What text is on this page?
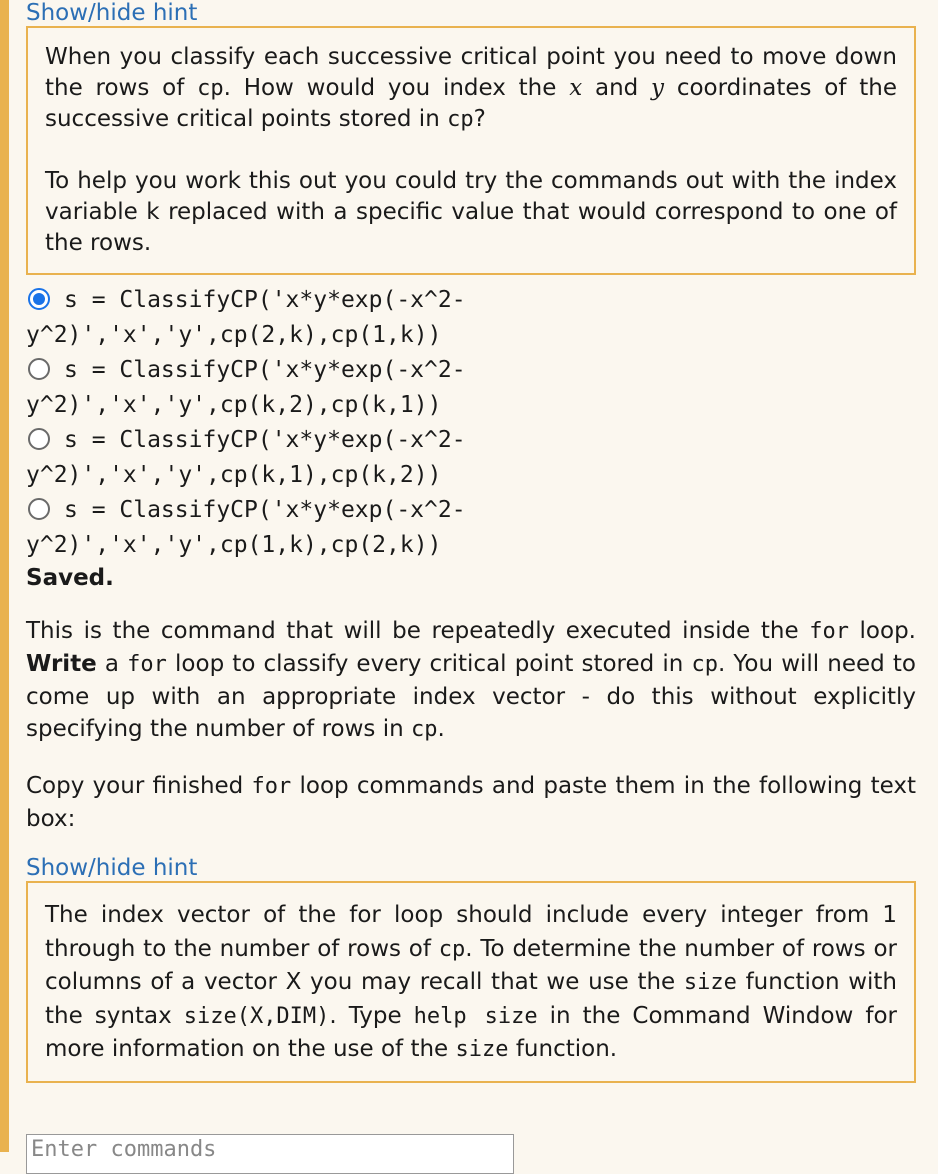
Show/hide hint

When you classify each successive critical point you need to move down the rows of cp. How would you index the x and y coordinates of the successive critical points stored in cp?

To help you work this out you could try the commands out with the index variable k replaced with a specific value that would correspond to one of the rows.

s = ClassifyCP('x*y*exp(-x^2-
y^2)','x','y',cp(2,k),cp(1,k))
s = ClassifyCP('x*y*exp(-x^2-
y^2)','x','y',cp(k,2),cp(k,1))
s = ClassifyCP('x*y*exp(-x^2-
y^2)','x','y',cp(k,1),cp(k,2))
s = ClassifyCP('x*y*exp(-x^2-
y^2)','x','y',cp(1,k),cp(2,k))
Saved.

This is the command that will be repeatedly executed inside the for loop. Write a for loop to classify every critical point stored in cp. You will need to come up with an appropriate index vector - do this without explicitly specifying the number of rows in cp.

Copy your finished for loop commands and paste them in the following text box:

Show/hide hint

The index vector of the for loop should include every integer from 1 through to the number of rows of cp. To determine the number of rows or columns of a vector X you may recall that we use the size function with the syntax size(X,DIM). Type help size in the Command Window for more information on the use of the size function.

Enter commands
